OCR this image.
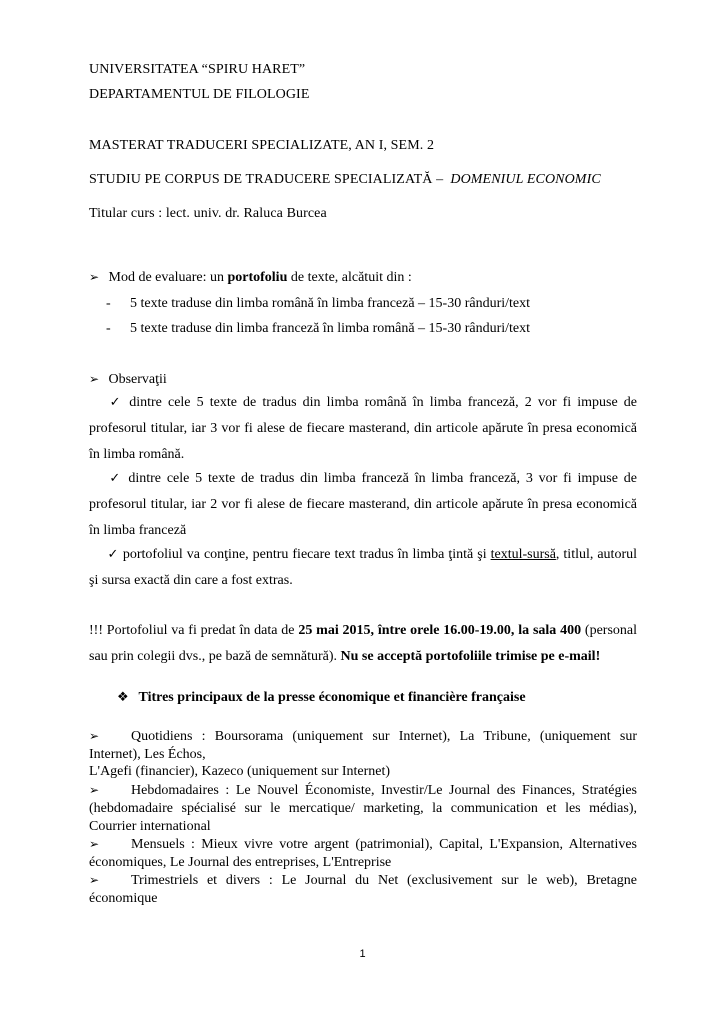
UNIVERSITATEA “SPIRU HARET”
DEPARTAMENTUL DE FILOLOGIE
MASTERAT TRADUCERI SPECIALIZATE, AN I, SEM. 2
STUDIU PE CORPUS DE TRADUCERE SPECIALIZATĂ – DOMENIUL ECONOMIC
Titular curs : lect. univ. dr. Raluca Burcea
➢ Mod de evaluare: un portofoliu de texte, alcătuit din :
- 5 texte traduse din limba română în limba franceză – 15-30 rânduri/text
- 5 texte traduse din limba franceză în limba română – 15-30 rânduri/text
➢ Observaţii
✓ dintre cele 5 texte de tradus din limba română în limba franceză, 2 vor fi impuse de profesorul titular, iar 3 vor fi alese de fiecare masterand, din articole apărute în presa economică în limba română.
✓ dintre cele 5 texte de tradus din limba franceză în limba franceză, 3 vor fi impuse de profesorul titular, iar 2 vor fi alese de fiecare masterand, din articole apărute în presa economică în limba franceză
✓ portofoliul va conţine, pentru fiecare text tradus în limba ţintă şi textul-sursă, titlul, autorul şi sursa exactă din care a fost extras.
!!! Portofoliul va fi predat în data de 25 mai 2015, între orele 16.00-19.00, la sala 400 (personal sau prin colegii dvs., pe bază de semnătură). Nu se acceptă portofoliile trimise pe e-mail!
❖ Titres principaux de la presse économique et financière française
➢ Quotidiens : Boursorama (uniquement sur Internet), La Tribune, (uniquement sur Internet), Les Échos,
L'Agefi (financier), Kazeco (uniquement sur Internet)
➢ Hebdomadaires : Le Nouvel Économiste, Investir/Le Journal des Finances, Stratégies (hebdomadaire spécialisé sur le mercatique/ marketing, la communication et les médias), Courrier international
➢ Mensuels : Mieux vivre votre argent (patrimonial), Capital, L'Expansion, Alternatives économiques, Le Journal des entreprises, L'Entreprise
➢ Trimestriels et divers : Le Journal du Net (exclusivement sur le web), Bretagne économique
1
